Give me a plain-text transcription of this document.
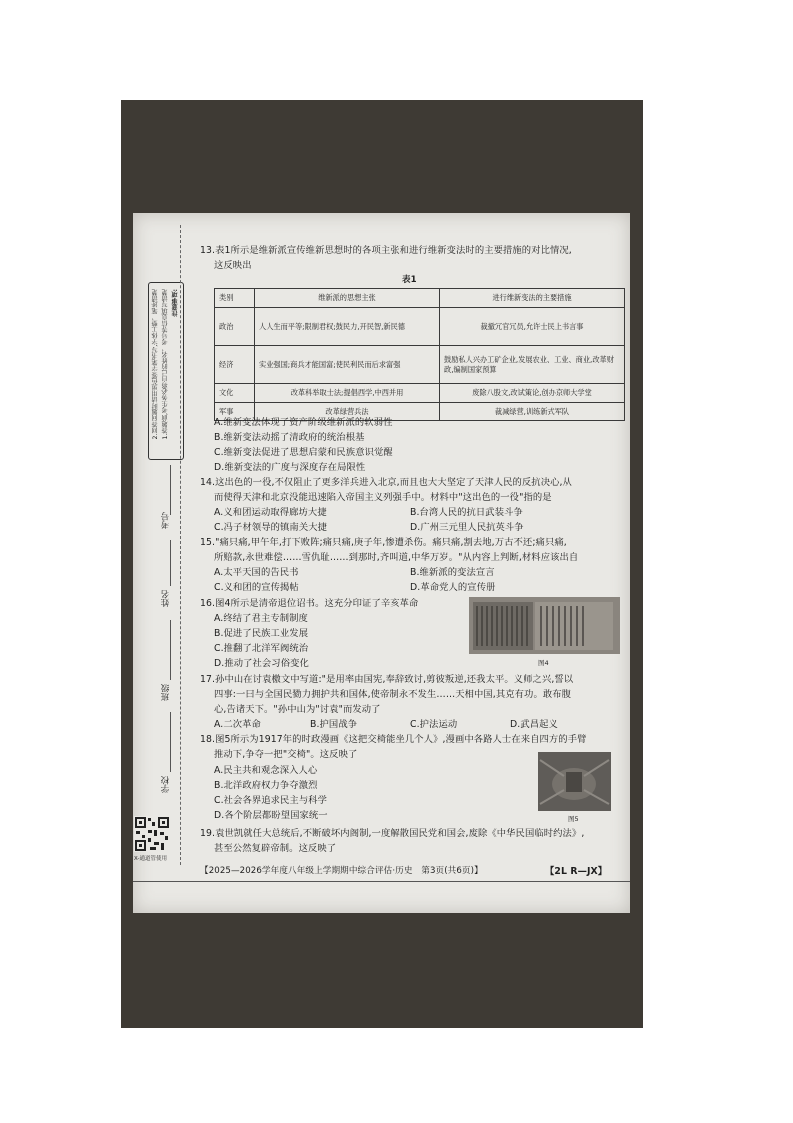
注意事项:
1.答题前,考生务必将自己的姓名、考号等信息填写清楚
2.回答问题时请用黑色签字笔书写,字体工整、笔迹清楚
考号
姓名
班级
学校
X-通道管使用
13.表1所示是维新派宣传维新思想时的各项主张和进行维新变法时的主要措施的对比情况,
这反映出
表1
类别	维新派的思想主张	进行维新变法的主要措施
政治	人人生而平等;限制君权;鼓民力,开民智,新民德	裁撤冗官冗员,允许士民上书言事
经济	实业强国;商兵才能国富;使民利民而后求富强	鼓励私人兴办工矿企业,发展农业、工业、商业,改革财政,编制国家预算
文化	改革科举取士法;提倡西学,中西并用	废除八股文,改试策论,创办京师大学堂
军事	改革绿营兵法	裁减绿营,训练新式军队
A.维新变法体现了资产阶级维新派的软弱性
B.维新变法动摇了清政府的统治根基
C.维新变法促进了思想启蒙和民族意识觉醒
D.维新变法的广度与深度存在局限性
14.这出色的一役,不仅阻止了更多洋兵进入北京,而且也大大坚定了天津人民的反抗决心,从
而使得天津和北京没能迅速陷入帝国主义列强手中。材料中"这出色的一役"指的是
A.义和团运动取得廊坊大捷	B.台湾人民的抗日武装斗争
C.冯子材领导的镇南关大捷	D.广州三元里人民抗英斗争
15."痛只痛,甲午年,打下败阵;痛只痛,庚子年,惨遭杀伤。痛只痛,割去地,万古不还;痛只痛,
所赔款,永世难偿……雪仇耻……到那时,齐叫道,中华万岁。"从内容上判断,材料应该出自
A.太平天国的告民书	B.维新派的变法宣言
C.义和团的宣传揭帖	D.革命党人的宣传册
16.图4所示是清帝退位诏书。这充分印证了辛亥革命
A.终结了君主专制制度
B.促进了民族工业发展
C.推翻了北洋军阀统治
D.推动了社会习俗变化	图4
17.孙中山在讨袁檄文中写道:"是用率由国宪,奉辞致讨,剪彼叛逆,还我太平。义师之兴,誓以
四事:一曰与全国民勠力拥护共和国体,使帝制永不发生……天相中国,其克有功。敢布腹
心,告诸天下。"孙中山为"讨袁"而发动了
A.二次革命	B.护国战争	C.护法运动	D.武昌起义
18.图5所示为1917年的时政漫画《这把交椅能坐几个人》,漫画中各路人士在来自四方的手臂
推动下,争夺一把"交椅"。这反映了
A.民主共和观念深入人心
B.北洋政府权力争夺激烈
C.社会各界追求民主与科学
D.各个阶层都盼望国家统一	图5
19.袁世凯就任大总统后,不断破坏内阁制,一度解散国民党和国会,废除《中华民国临时约法》,
甚至公然复辟帝制。这反映了
【2025—2026学年度八年级上学期期中综合评估·历史　第3页(共6页)】	【2L R—JX】
